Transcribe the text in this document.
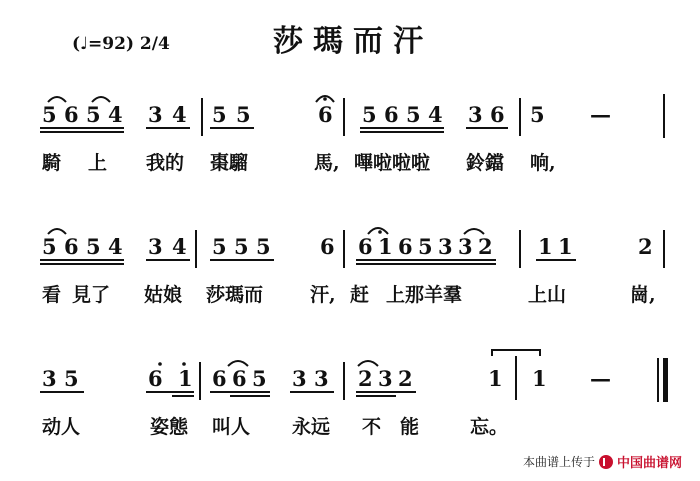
莎瑪而汗
(♩=92) 2/4
5 6 5 4 3 4 5 5	6 5 6 5 4 3 6 5 —
騎 上 我的 棗騮	馬, 嗶啦啦啦 鈴鐺 响,
5 6 5 4 3 4 5 5 5 6 6 1 6 5 3 3 2 1 1	2
看 見了 姑娘 莎瑪而 汗, 赶 上那羊羣	上山	崗,
3 5	6 1 6 6 5 3 3 2 3 2	1 1 —
动人	姿態 叫人 永远 不 能	忘。
本曲谱上传于 中国曲谱网
